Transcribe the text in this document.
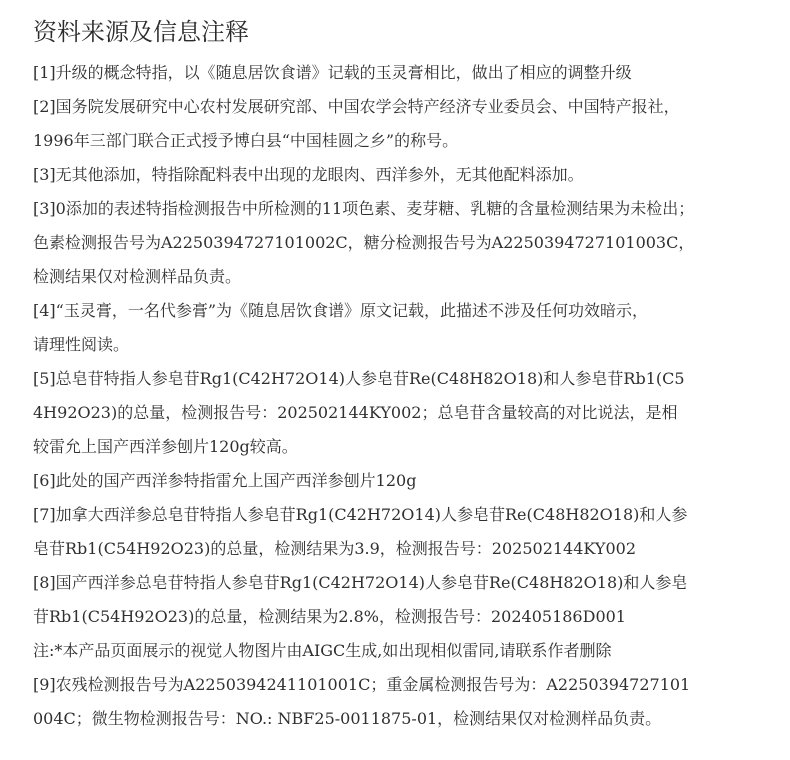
资料来源及信息注释
[1]升级的概念特指，以《随息居饮食谱》记载的玉灵膏相比，做出了相应的调整升级
[2]国务院发展研究中心农村发展研究部、中国农学会特产经济专业委员会、中国特产报社，
1996年三部门联合正式授予博白县“中国桂圆之乡”的称号。
[3]无其他添加，特指除配料表中出现的龙眼肉、西洋参外，无其他配料添加。
[3]0添加的表述特指检测报告中所检测的11项色素、麦芽糖、乳糖的含量检测结果为未检出；
色素检测报告号为A2250394727101002C，糖分检测报告号为A2250394727101003C，
检测结果仅对检测样品负责。
[4]“玉灵膏，一名代参膏”为《随息居饮食谱》原文记载，此描述不涉及任何功效暗示，
请理性阅读。
[5]总皂苷特指人参皂苷Rg1(C42H72O14)人参皂苷Re(C48H82O18)和人参皂苷Rb1(C5
4H92O23)的总量，检测报告号：202502144KY002；总皂苷含量较高的对比说法，是相
较雷允上国产西洋参刨片120g较高。
[6]此处的国产西洋参特指雷允上国产西洋参刨片120g
[7]加拿大西洋参总皂苷特指人参皂苷Rg1(C42H72O14)人参皂苷Re(C48H82O18)和人参
皂苷Rb1(C54H92O23)的总量，检测结果为3.9，检测报告号：202502144KY002
[8]国产西洋参总皂苷特指人参皂苷Rg1(C42H72O14)人参皂苷Re(C48H82O18)和人参皂
苷Rb1(C54H92O23)的总量，检测结果为2.8%，检测报告号：202405186D001
注:*本产品页面展示的视觉人物图片由AIGC生成,如出现相似雷同,请联系作者删除
[9]农残检测报告号为A2250394241101001C；重金属检测报告号为：A2250394727101
004C；微生物检测报告号：NO.: NBF25-0011875-01，检测结果仅对检测样品负责。
